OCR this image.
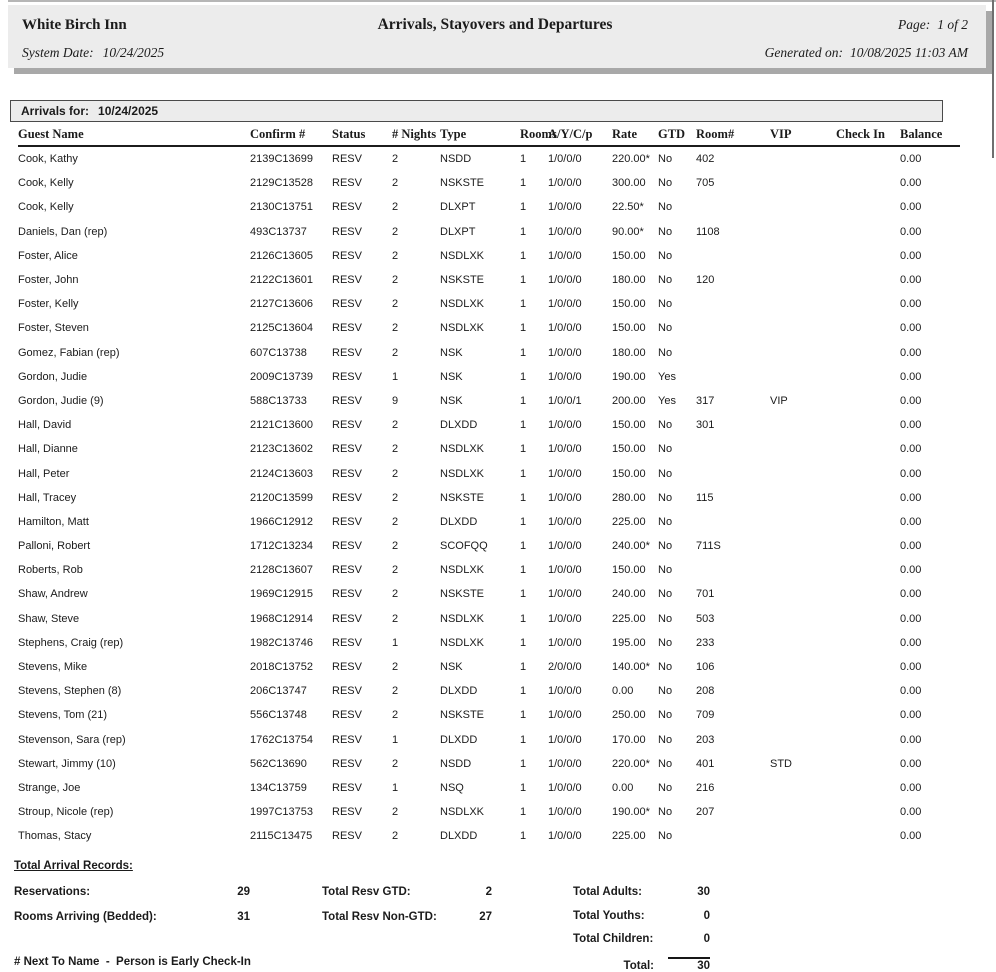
White Birch Inn	Arrivals, Stayovers and Departures	Page: 1 of 2
System Date: 10/24/2025	Generated on: 10/08/2025 11:03 AM
Arrivals for: 10/24/2025
Guest Name	Confirm #	Status	# Nights	Type	Rooms	A/Y/C/p	Rate	GTD	Room#	VIP	Check In	Balance
Cook, Kathy	2139C13699	RESV	2	NSDD	1	1/0/0/0	220.00*	No	402			0.00
Cook, Kelly	2129C13528	RESV	2	NSKSTE	1	1/0/0/0	300.00	No	705			0.00
Cook, Kelly	2130C13751	RESV	2	DLXPT	1	1/0/0/0	22.50*	No				0.00
Daniels, Dan (rep)	493C13737	RESV	2	DLXPT	1	1/0/0/0	90.00*	No	1108			0.00
Foster, Alice	2126C13605	RESV	2	NSDLXK	1	1/0/0/0	150.00	No				0.00
Foster, John	2122C13601	RESV	2	NSKSTE	1	1/0/0/0	180.00	No	120			0.00
Foster, Kelly	2127C13606	RESV	2	NSDLXK	1	1/0/0/0	150.00	No				0.00
Foster, Steven	2125C13604	RESV	2	NSDLXK	1	1/0/0/0	150.00	No				0.00
Gomez, Fabian (rep)	607C13738	RESV	2	NSK	1	1/0/0/0	180.00	No				0.00
Gordon, Judie	2009C13739	RESV	1	NSK	1	1/0/0/0	190.00	Yes				0.00
Gordon, Judie (9)	588C13733	RESV	9	NSK	1	1/0/0/1	200.00	Yes	317	VIP		0.00
Hall, David	2121C13600	RESV	2	DLXDD	1	1/0/0/0	150.00	No	301			0.00
Hall, Dianne	2123C13602	RESV	2	NSDLXK	1	1/0/0/0	150.00	No				0.00
Hall, Peter	2124C13603	RESV	2	NSDLXK	1	1/0/0/0	150.00	No				0.00
Hall, Tracey	2120C13599	RESV	2	NSKSTE	1	1/0/0/0	280.00	No	115			0.00
Hamilton, Matt	1966C12912	RESV	2	DLXDD	1	1/0/0/0	225.00	No				0.00
Palloni, Robert	1712C13234	RESV	2	SCOFQQ	1	1/0/0/0	240.00*	No	711S			0.00
Roberts, Rob	2128C13607	RESV	2	NSDLXK	1	1/0/0/0	150.00	No				0.00
Shaw, Andrew	1969C12915	RESV	2	NSKSTE	1	1/0/0/0	240.00	No	701			0.00
Shaw, Steve	1968C12914	RESV	2	NSDLXK	1	1/0/0/0	225.00	No	503			0.00
Stephens, Craig (rep)	1982C13746	RESV	1	NSDLXK	1	1/0/0/0	195.00	No	233			0.00
Stevens, Mike	2018C13752	RESV	2	NSK	1	2/0/0/0	140.00*	No	106			0.00
Stevens, Stephen (8)	206C13747	RESV	2	DLXDD	1	1/0/0/0	0.00	No	208			0.00
Stevens, Tom (21)	556C13748	RESV	2	NSKSTE	1	1/0/0/0	250.00	No	709			0.00
Stevenson, Sara (rep)	1762C13754	RESV	1	DLXDD	1	1/0/0/0	170.00	No	203			0.00
Stewart, Jimmy (10)	562C13690	RESV	2	NSDD	1	1/0/0/0	220.00*	No	401	STD		0.00
Strange, Joe	134C13759	RESV	1	NSQ	1	1/0/0/0	0.00	No	216			0.00
Stroup, Nicole (rep)	1997C13753	RESV	2	NSDLXK	1	1/0/0/0	190.00*	No	207			0.00
Thomas, Stacy	2115C13475	RESV	2	DLXDD	1	1/0/0/0	225.00	No				0.00
Total Arrival Records:
Reservations:	29
Rooms Arriving (Bedded):	31
Total Resv GTD:	2
Total Resv Non-GTD:	27
Total Adults:	30
Total Youths:	0
Total Children:	0
Total:	30
# Next To Name  -  Person is Early Check-In
